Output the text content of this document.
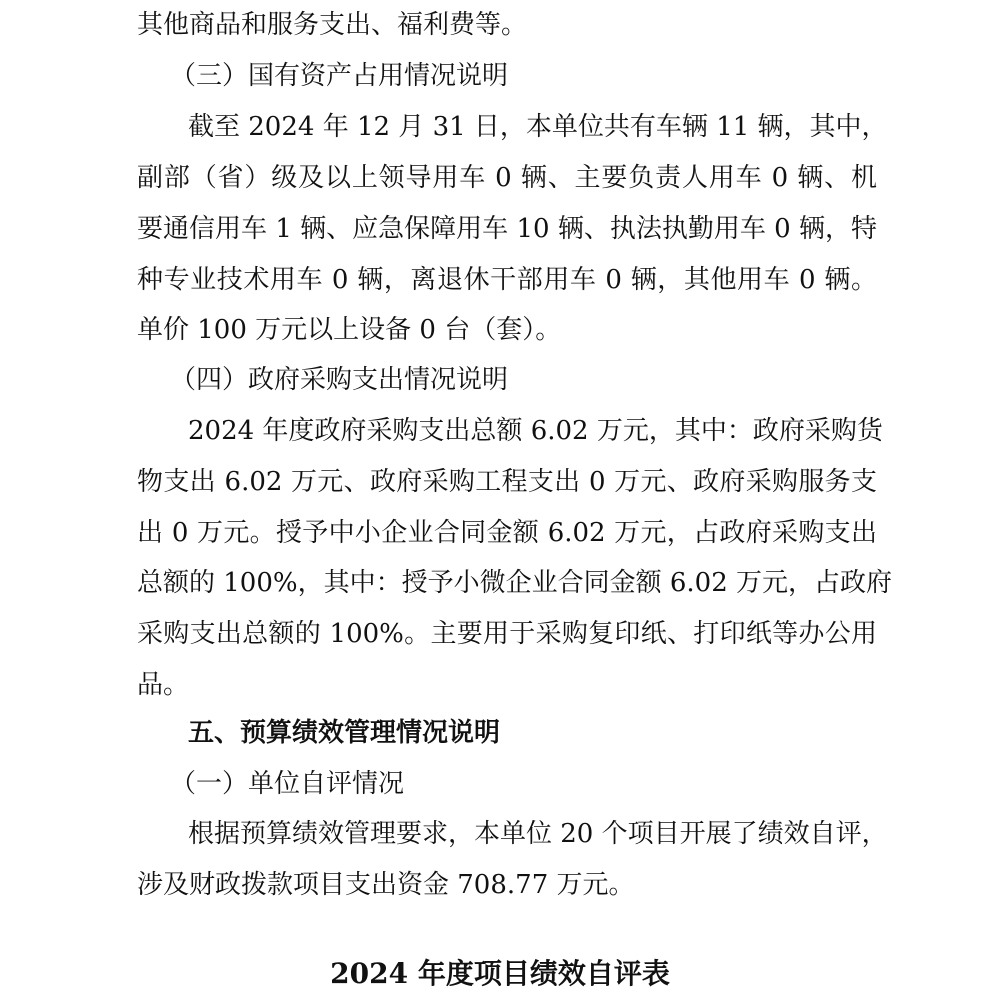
其他商品和服务支出、福利费等。
（三）国有资产占用情况说明
截至 2024 年 12 月 31 日，本单位共有车辆 11 辆，其中，
副部（省）级及以上领导用车 0 辆、主要负责人用车 0 辆、机
要通信用车 1 辆、应急保障用车 10 辆、执法执勤用车 0 辆，特
种专业技术用车 0 辆，离退休干部用车 0 辆，其他用车 0 辆。
单价 100 万元以上设备 0 台（套）。
（四）政府采购支出情况说明
2024 年度政府采购支出总额 6.02 万元，其中：政府采购货
物支出 6.02 万元、政府采购工程支出 0 万元、政府采购服务支
出 0 万元。授予中小企业合同金额 6.02 万元，占政府采购支出
总额的 100%，其中：授予小微企业合同金额 6.02 万元，占政府
采购支出总额的 100%。主要用于采购复印纸、打印纸等办公用
品。
五、预算绩效管理情况说明
（一）单位自评情况
根据预算绩效管理要求，本单位 20 个项目开展了绩效自评，
涉及财政拨款项目支出资金 708.77 万元。
2024 年度项目绩效自评表
